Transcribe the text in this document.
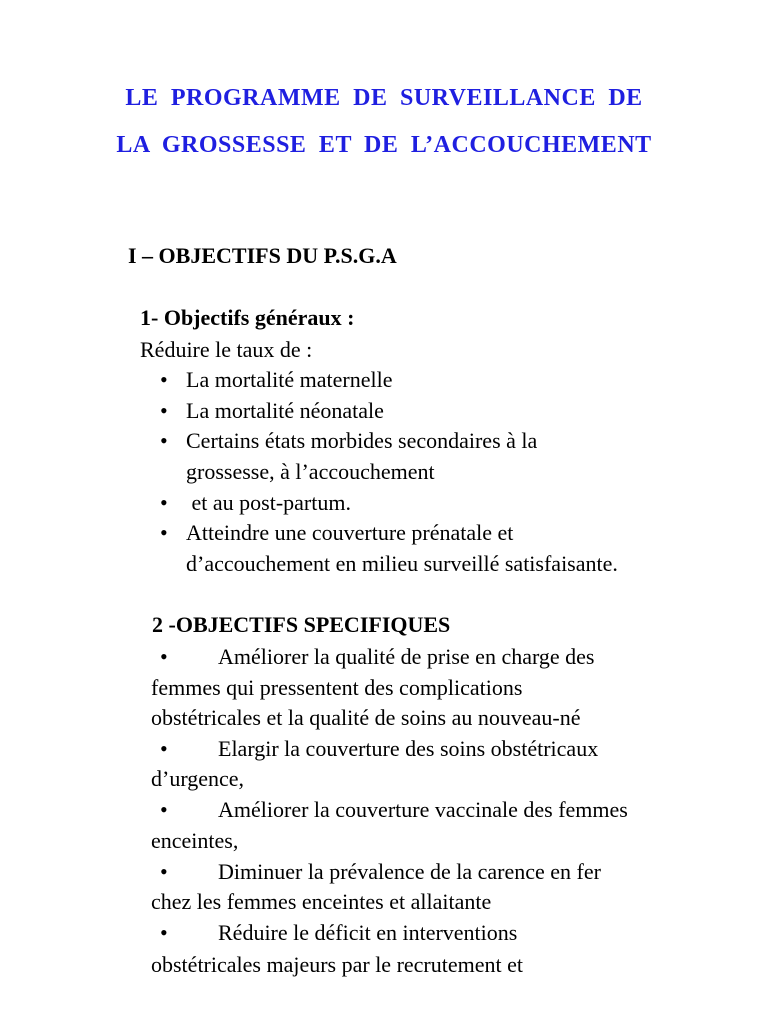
LE PROGRAMME DE SURVEILLANCE DE
LA GROSSESSE ET DE L’ACCOUCHEMENT
I – OBJECTIFS DU P.S.G.A
1- Objectifs généraux :
Réduire le taux de :
• La mortalité maternelle
• La mortalité néonatale
• Certains états morbides secondaires à la
grossesse, à l’accouchement
• et au post-partum.
• Atteindre une couverture prénatale et
d’accouchement en milieu surveillé satisfaisante.
2 -OBJECTIFS SPECIFIQUES
• Améliorer la qualité de prise en charge des
femmes qui pressentent des complications
obstétricales et la qualité de soins au nouveau-né
• Elargir la couverture des soins obstétricaux
d’urgence,
• Améliorer la couverture vaccinale des femmes
enceintes,
• Diminuer la prévalence de la carence en fer
chez les femmes enceintes et allaitante
• Réduire le déficit en interventions
obstétricales majeurs par le recrutement et
